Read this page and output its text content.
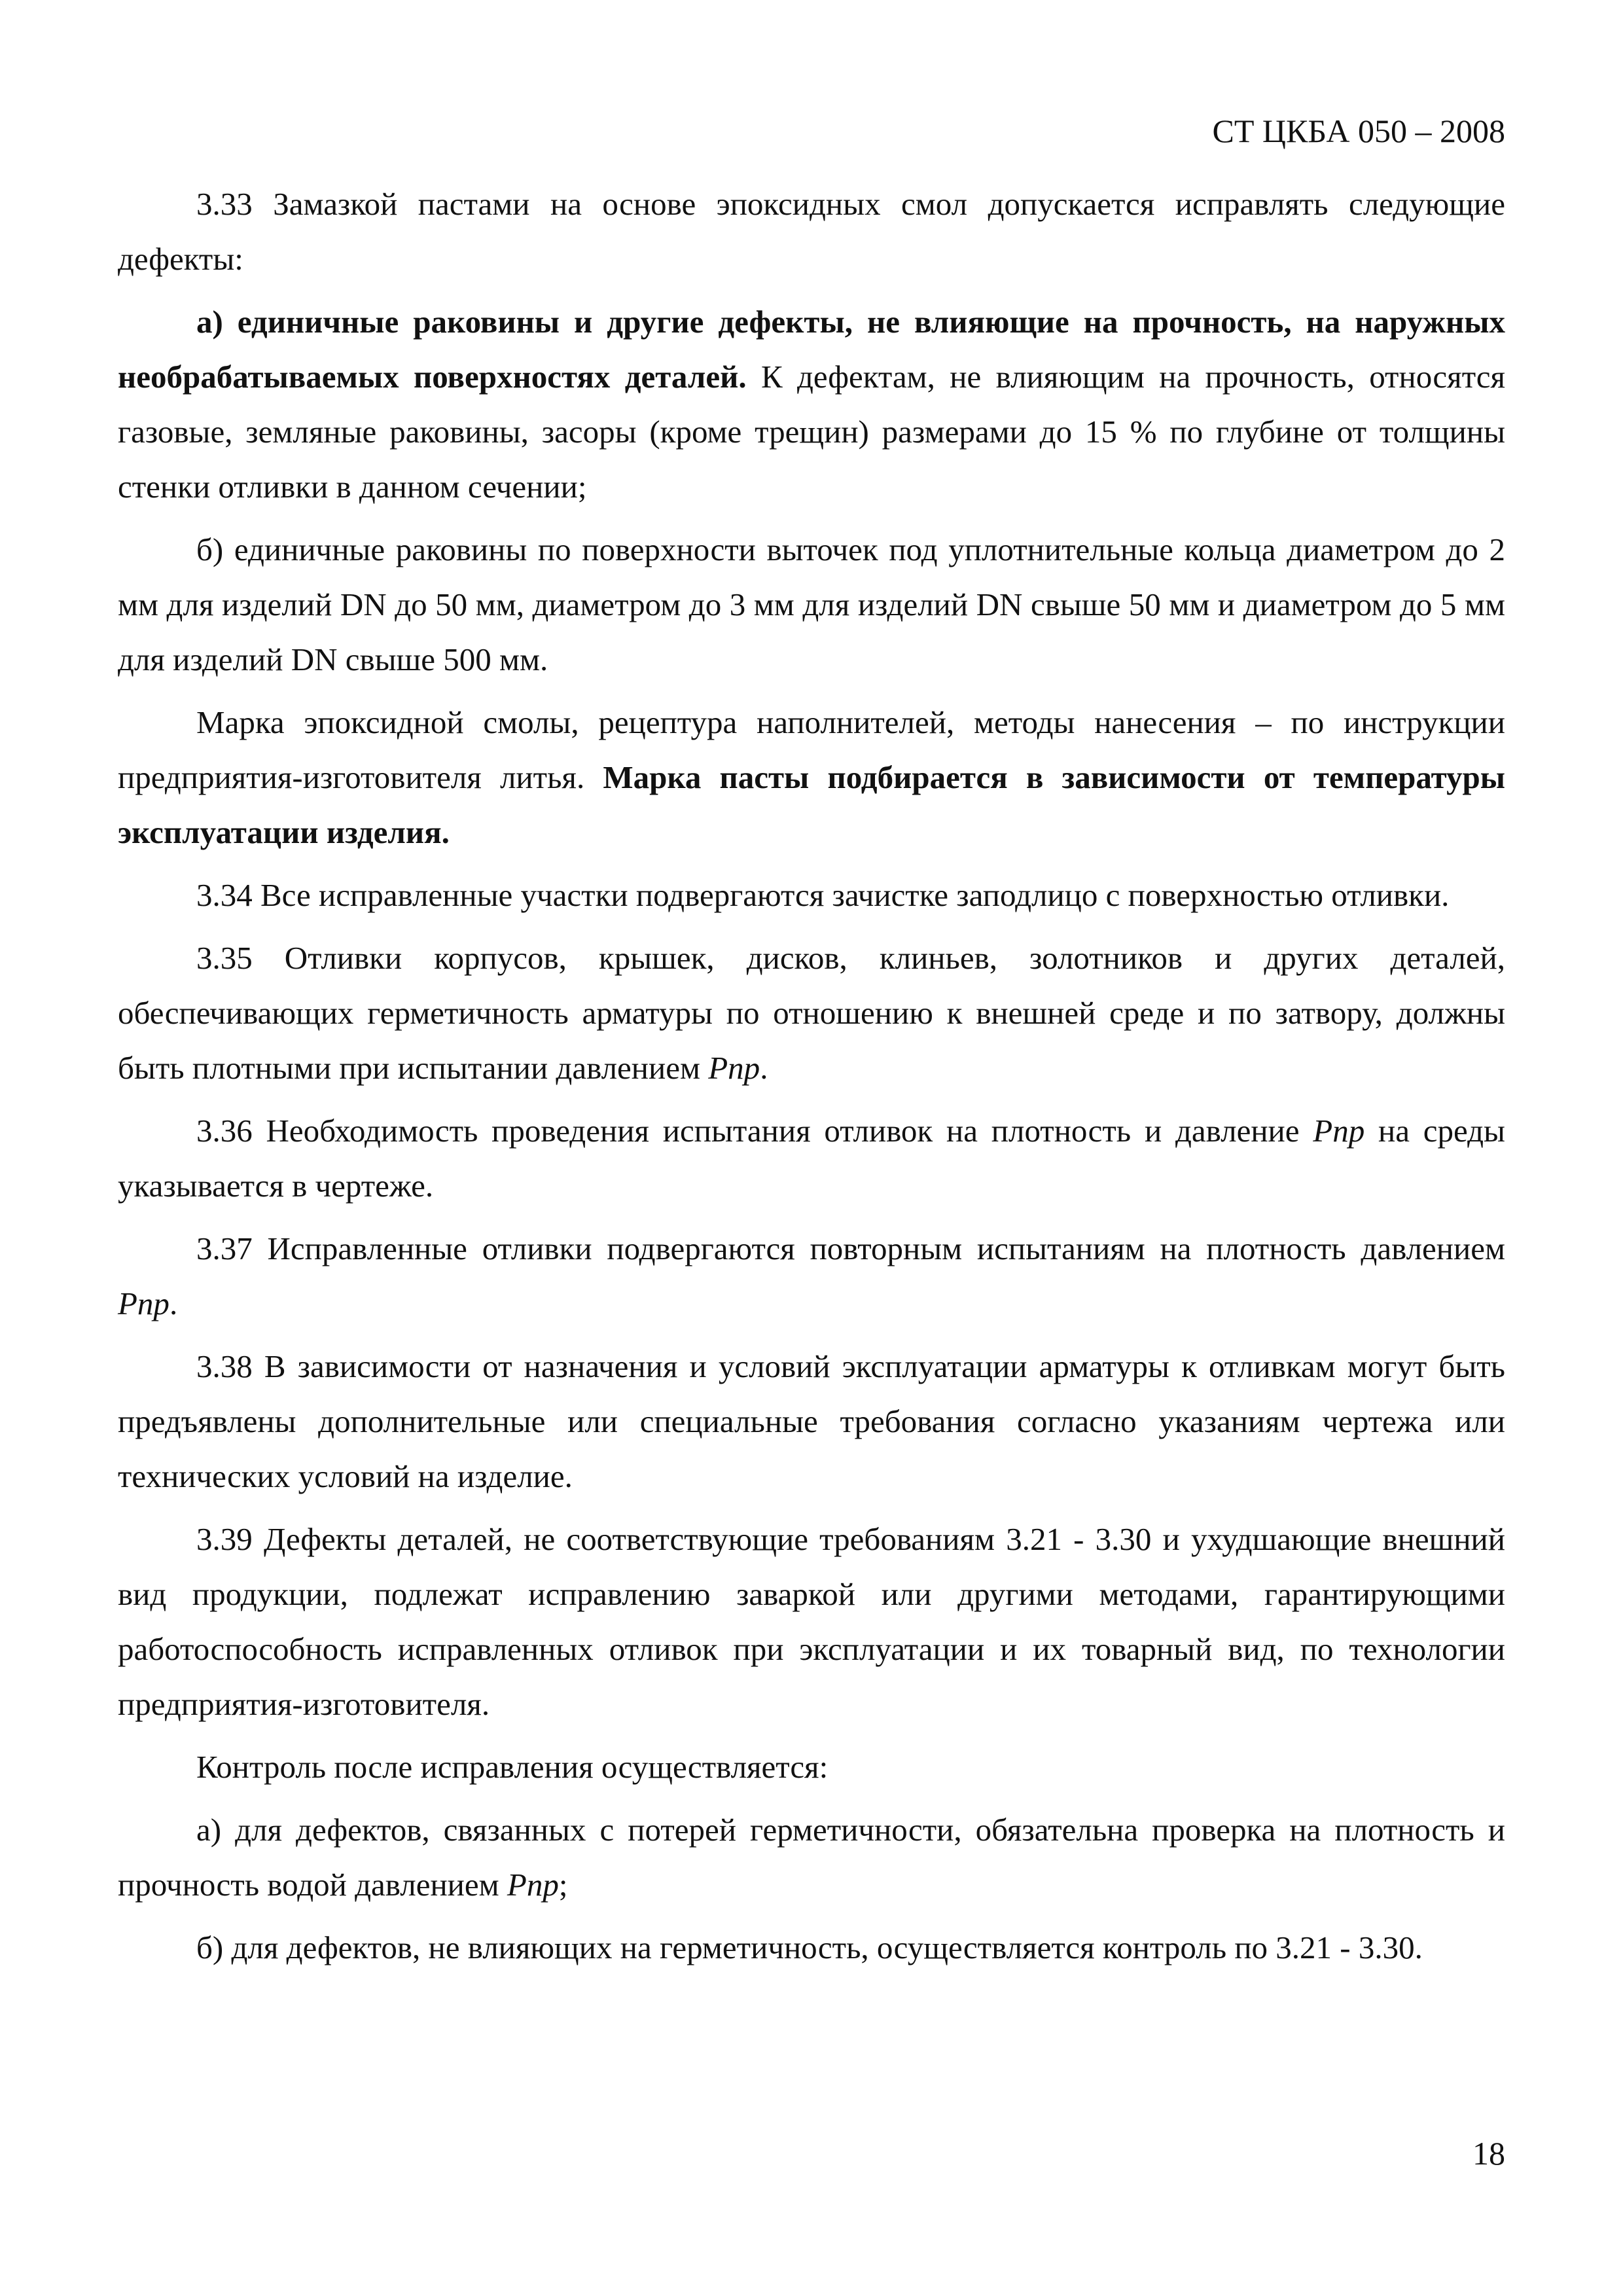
СТ ЦКБА 050 – 2008

3.33 Замазкой пастами на основе эпоксидных смол допускается исправлять следующие дефекты:

а) единичные раковины и другие дефекты, не влияющие на прочность, на наружных необрабатываемых поверхностях деталей. К дефектам, не влияющим на прочность, относятся газовые, земляные раковины, засоры (кроме трещин) размерами до 15 % по глубине от толщины стенки отливки в данном сечении;

б) единичные раковины по поверхности выточек под уплотнительные кольца диаметром до 2 мм для изделий DN до 50 мм, диаметром до 3 мм для изделий DN свыше 50 мм и диаметром до 5 мм для изделий DN свыше 500 мм.

Марка эпоксидной смолы, рецептура наполнителей, методы нанесения – по инструкции предприятия-изготовителя литья. Марка пасты подбирается в зависимости от температуры эксплуатации изделия.

3.34 Все исправленные участки подвергаются зачистке заподлицо с поверхностью отливки.

3.35 Отливки корпусов, крышек, дисков, клиньев, золотников и других деталей, обеспечивающих герметичность арматуры по отношению к внешней среде и по затвору, должны быть плотными при испытании давлением Рпр.

3.36 Необходимость проведения испытания отливок на плотность и давление Рпр на среды указывается в чертеже.

3.37 Исправленные отливки подвергаются повторным испытаниям на плотность давлением Рпр.

3.38 В зависимости от назначения и условий эксплуатации арматуры к отливкам могут быть предъявлены дополнительные или специальные требования согласно указаниям чертежа или технических условий на изделие.

3.39 Дефекты деталей, не соответствующие требованиям 3.21 - 3.30 и ухудшающие внешний вид продукции, подлежат исправлению заваркой или другими методами, гарантирующими работоспособность исправленных отливок при эксплуатации и их товарный вид, по технологии предприятия-изготовителя.

Контроль после исправления осуществляется:

а) для дефектов, связанных с потерей герметичности, обязательна проверка на плотность и прочность водой давлением Рпр;

б) для дефектов, не влияющих на герметичность, осуществляется контроль по 3.21 - 3.30.

18
